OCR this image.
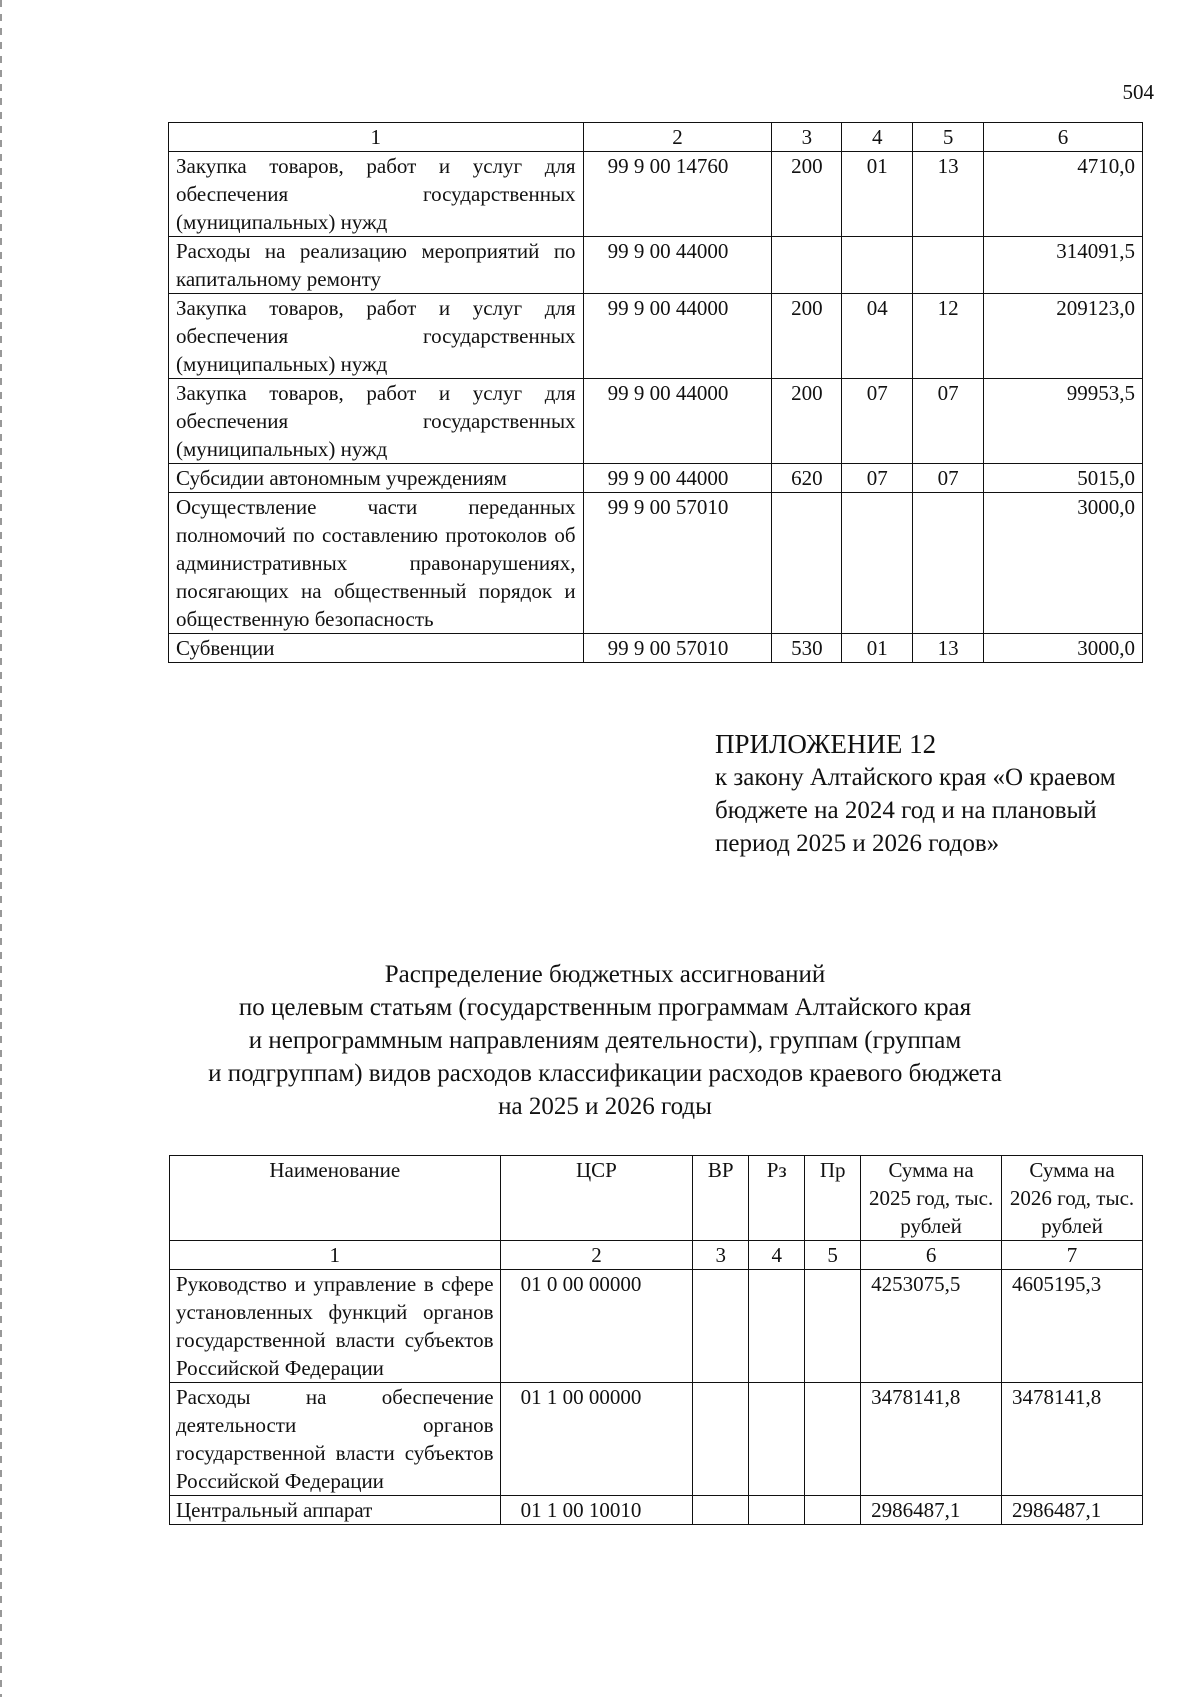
504
1	2	3	4	5	6
Закупка товаров, работ и услуг для обеспечения государственных (муниципальных) нужд	99 9 00 14760	200	01	13	4710,0
Расходы на реализацию мероприятий по капитальному ремонту	99 9 00 44000				314091,5
Закупка товаров, работ и услуг для обеспечения государственных (муниципальных) нужд	99 9 00 44000	200	04	12	209123,0
Закупка товаров, работ и услуг для обеспечения государственных (муниципальных) нужд	99 9 00 44000	200	07	07	99953,5
Субсидии автономным учреждениям	99 9 00 44000	620	07	07	5015,0
Осуществление части переданных полномочий по составлению протоколов об административных правонарушениях, посягающих на общественный порядок и общественную безопасность	99 9 00 57010				3000,0
Субвенции	99 9 00 57010	530	01	13	3000,0
ПРИЛОЖЕНИЕ 12
к закону Алтайского края «О краевом бюджете на 2024 год и на плановый период 2025 и 2026 годов»
Распределение бюджетных ассигнований
по целевым статьям (государственным программам Алтайского края
и непрограммным направлениям деятельности), группам (группам
и подгруппам) видов расходов классификации расходов краевого бюджета
на 2025 и 2026 годы
Наименование	ЦСР	ВР	Рз	Пр	Сумма на 2025 год, тыс. рублей	Сумма на 2026 год, тыс. рублей
1	2	3	4	5	6	7
Руководство и управление в сфере установленных функций органов государственной власти субъектов Российской Федерации	01 0 00 00000				4253075,5	4605195,3
Расходы на обеспечение деятельности органов государственной власти субъектов Российской Федерации	01 1 00 00000				3478141,8	3478141,8
Центральный аппарат	01 1 00 10010				2986487,1	2986487,1
